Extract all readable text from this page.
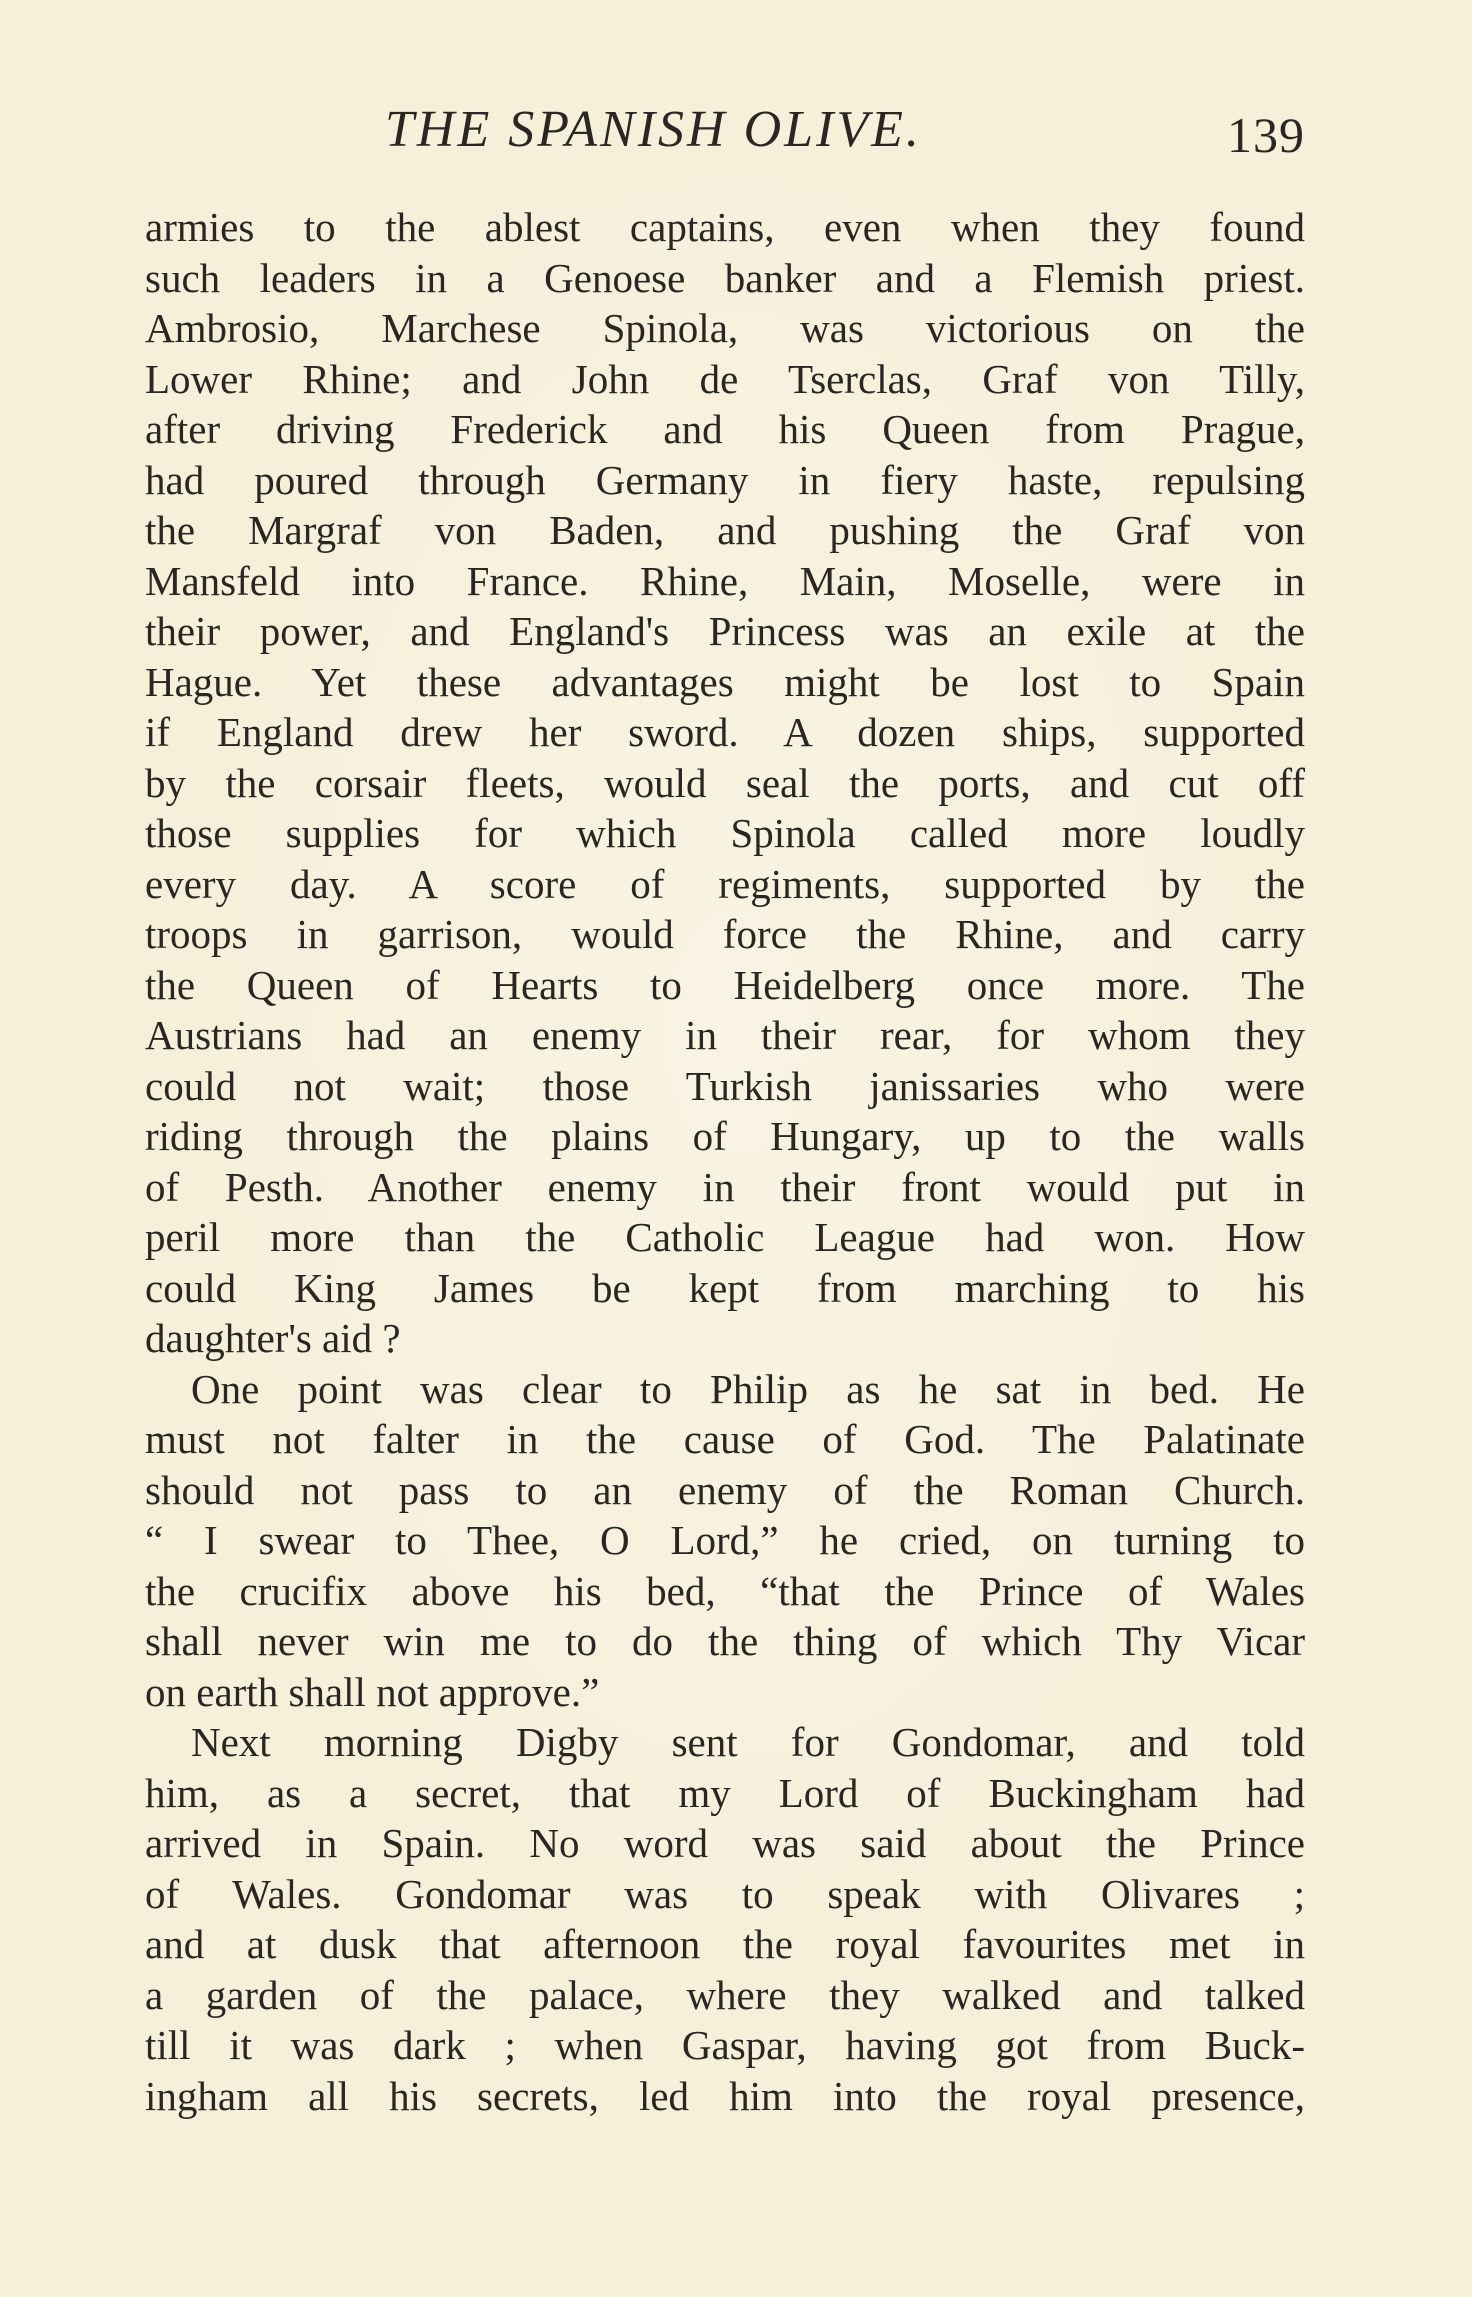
THE SPANISH OLIVE.	139
armies to the ablest captains, even when they found
such leaders in a Genoese banker and a Flemish priest.
Ambrosio, Marchese Spinola, was victorious on the
Lower Rhine; and John de Tserclas, Graf von Tilly,
after driving Frederick and his Queen from Prague,
had poured through Germany in fiery haste, repulsing
the Margraf von Baden, and pushing the Graf von
Mansfeld into France. Rhine, Main, Moselle, were in
their power, and England's Princess was an exile at the
Hague. Yet these advantages might be lost to Spain
if England drew her sword. A dozen ships, supported
by the corsair fleets, would seal the ports, and cut off
those supplies for which Spinola called more loudly
every day. A score of regiments, supported by the
troops in garrison, would force the Rhine, and carry
the Queen of Hearts to Heidelberg once more. The
Austrians had an enemy in their rear, for whom they
could not wait; those Turkish janissaries who were
riding through the plains of Hungary, up to the walls
of Pesth. Another enemy in their front would put in
peril more than the Catholic League had won. How
could King James be kept from marching to his
daughter's aid ?
One point was clear to Philip as he sat in bed. He
must not falter in the cause of God. The Palatinate
should not pass to an enemy of the Roman Church.
“ I swear to Thee, O Lord,” he cried, on turning to
the crucifix above his bed, “that the Prince of Wales
shall never win me to do the thing of which Thy Vicar
on earth shall not approve.”
Next morning Digby sent for Gondomar, and told
him, as a secret, that my Lord of Buckingham had
arrived in Spain. No word was said about the Prince
of Wales. Gondomar was to speak with Olivares ;
and at dusk that afternoon the royal favourites met in
a garden of the palace, where they walked and talked
till it was dark ; when Gaspar, having got from Buck-
ingham all his secrets, led him into the royal presence,
